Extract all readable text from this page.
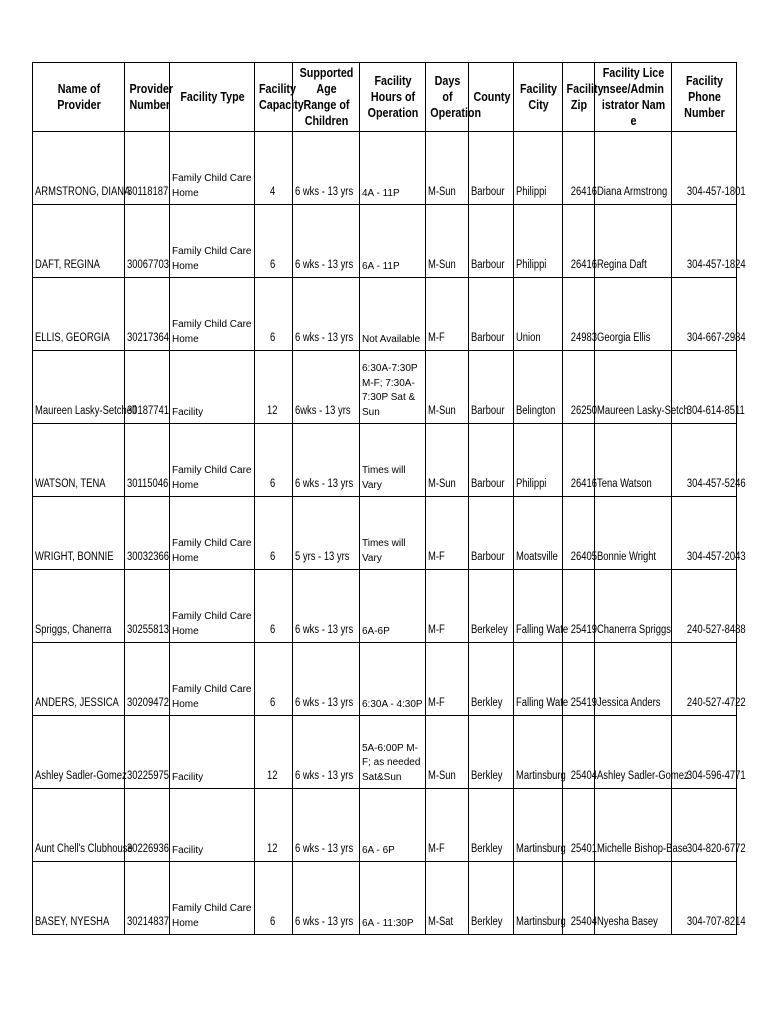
Name of Provider	Provider Number	Facility Type	Facility Capacity	Supported Age Range of Children	Facility Hours of Operation	Days of Operation	County	Facility City	Facility Zip	Facility Licensee/Administrator Name	Facility Phone Number
ARMSTRONG, DIANA	30118187	Family Child Care Home	4	6 wks - 13 yrs	4A - 11P	M-Sun	Barbour	Philippi	26416	Diana Armstrong	304-457-1801
DAFT, REGINA	30067703	Family Child Care Home	6	6 wks - 13 yrs	6A - 11P	M-Sun	Barbour	Philippi	26416	Regina Daft	304-457-1824
ELLIS, GEORGIA	30217364	Family Child Care Home	6	6 wks - 13 yrs	Not Available	M-F	Barbour	Union	24983	Georgia Ellis	304-667-2984
Maureen Lasky-Setchell	30187741	Facility	12	6wks - 13 yrs	6:30A-7:30P M-F; 7:30A-7:30P Sat & Sun	M-Sun	Barbour	Belington	26250	Maureen Lasky-Setch	304-614-8511
WATSON, TENA	30115046	Family Child Care Home	6	6 wks - 13 yrs	Times will Vary	M-Sun	Barbour	Philippi	26416	Tena Watson	304-457-5246
WRIGHT, BONNIE	30032366	Family Child Care Home	6	5 yrs - 13 yrs	Times will Vary	M-F	Barbour	Moatsville	26405	Bonnie Wright	304-457-2043
Spriggs, Chanerra	30255813	Family Child Care Home	6	6 wks - 13 yrs	6A-6P	M-F	Berkeley	Falling Wate	25419	Chanerra Spriggs	240-527-8488
ANDERS, JESSICA	30209472	Family Child Care Home	6	6 wks - 13 yrs	6:30A - 4:30P	M-F	Berkley	Falling Wate	25419	Jessica Anders	240-527-4722
Ashley Sadler-Gomez	30225975	Facility	12	6 wks - 13 yrs	5A-6:00P M-F; as needed Sat&Sun	M-Sun	Berkley	Martinsburg	25404	Ashley Sadler-Gomez	304-596-4771
Aunt Chell's Clubhouse	30226936	Facility	12	6 wks - 13 yrs	6A - 6P	M-F	Berkley	Martinsburg	25401	Michelle Bishop-Base	304-820-6772
BASEY, NYESHA	30214837	Family Child Care Home	6	6 wks - 13 yrs	6A - 11:30P	M-Sat	Berkley	Martinsburg	25404	Nyesha Basey	304-707-8214
